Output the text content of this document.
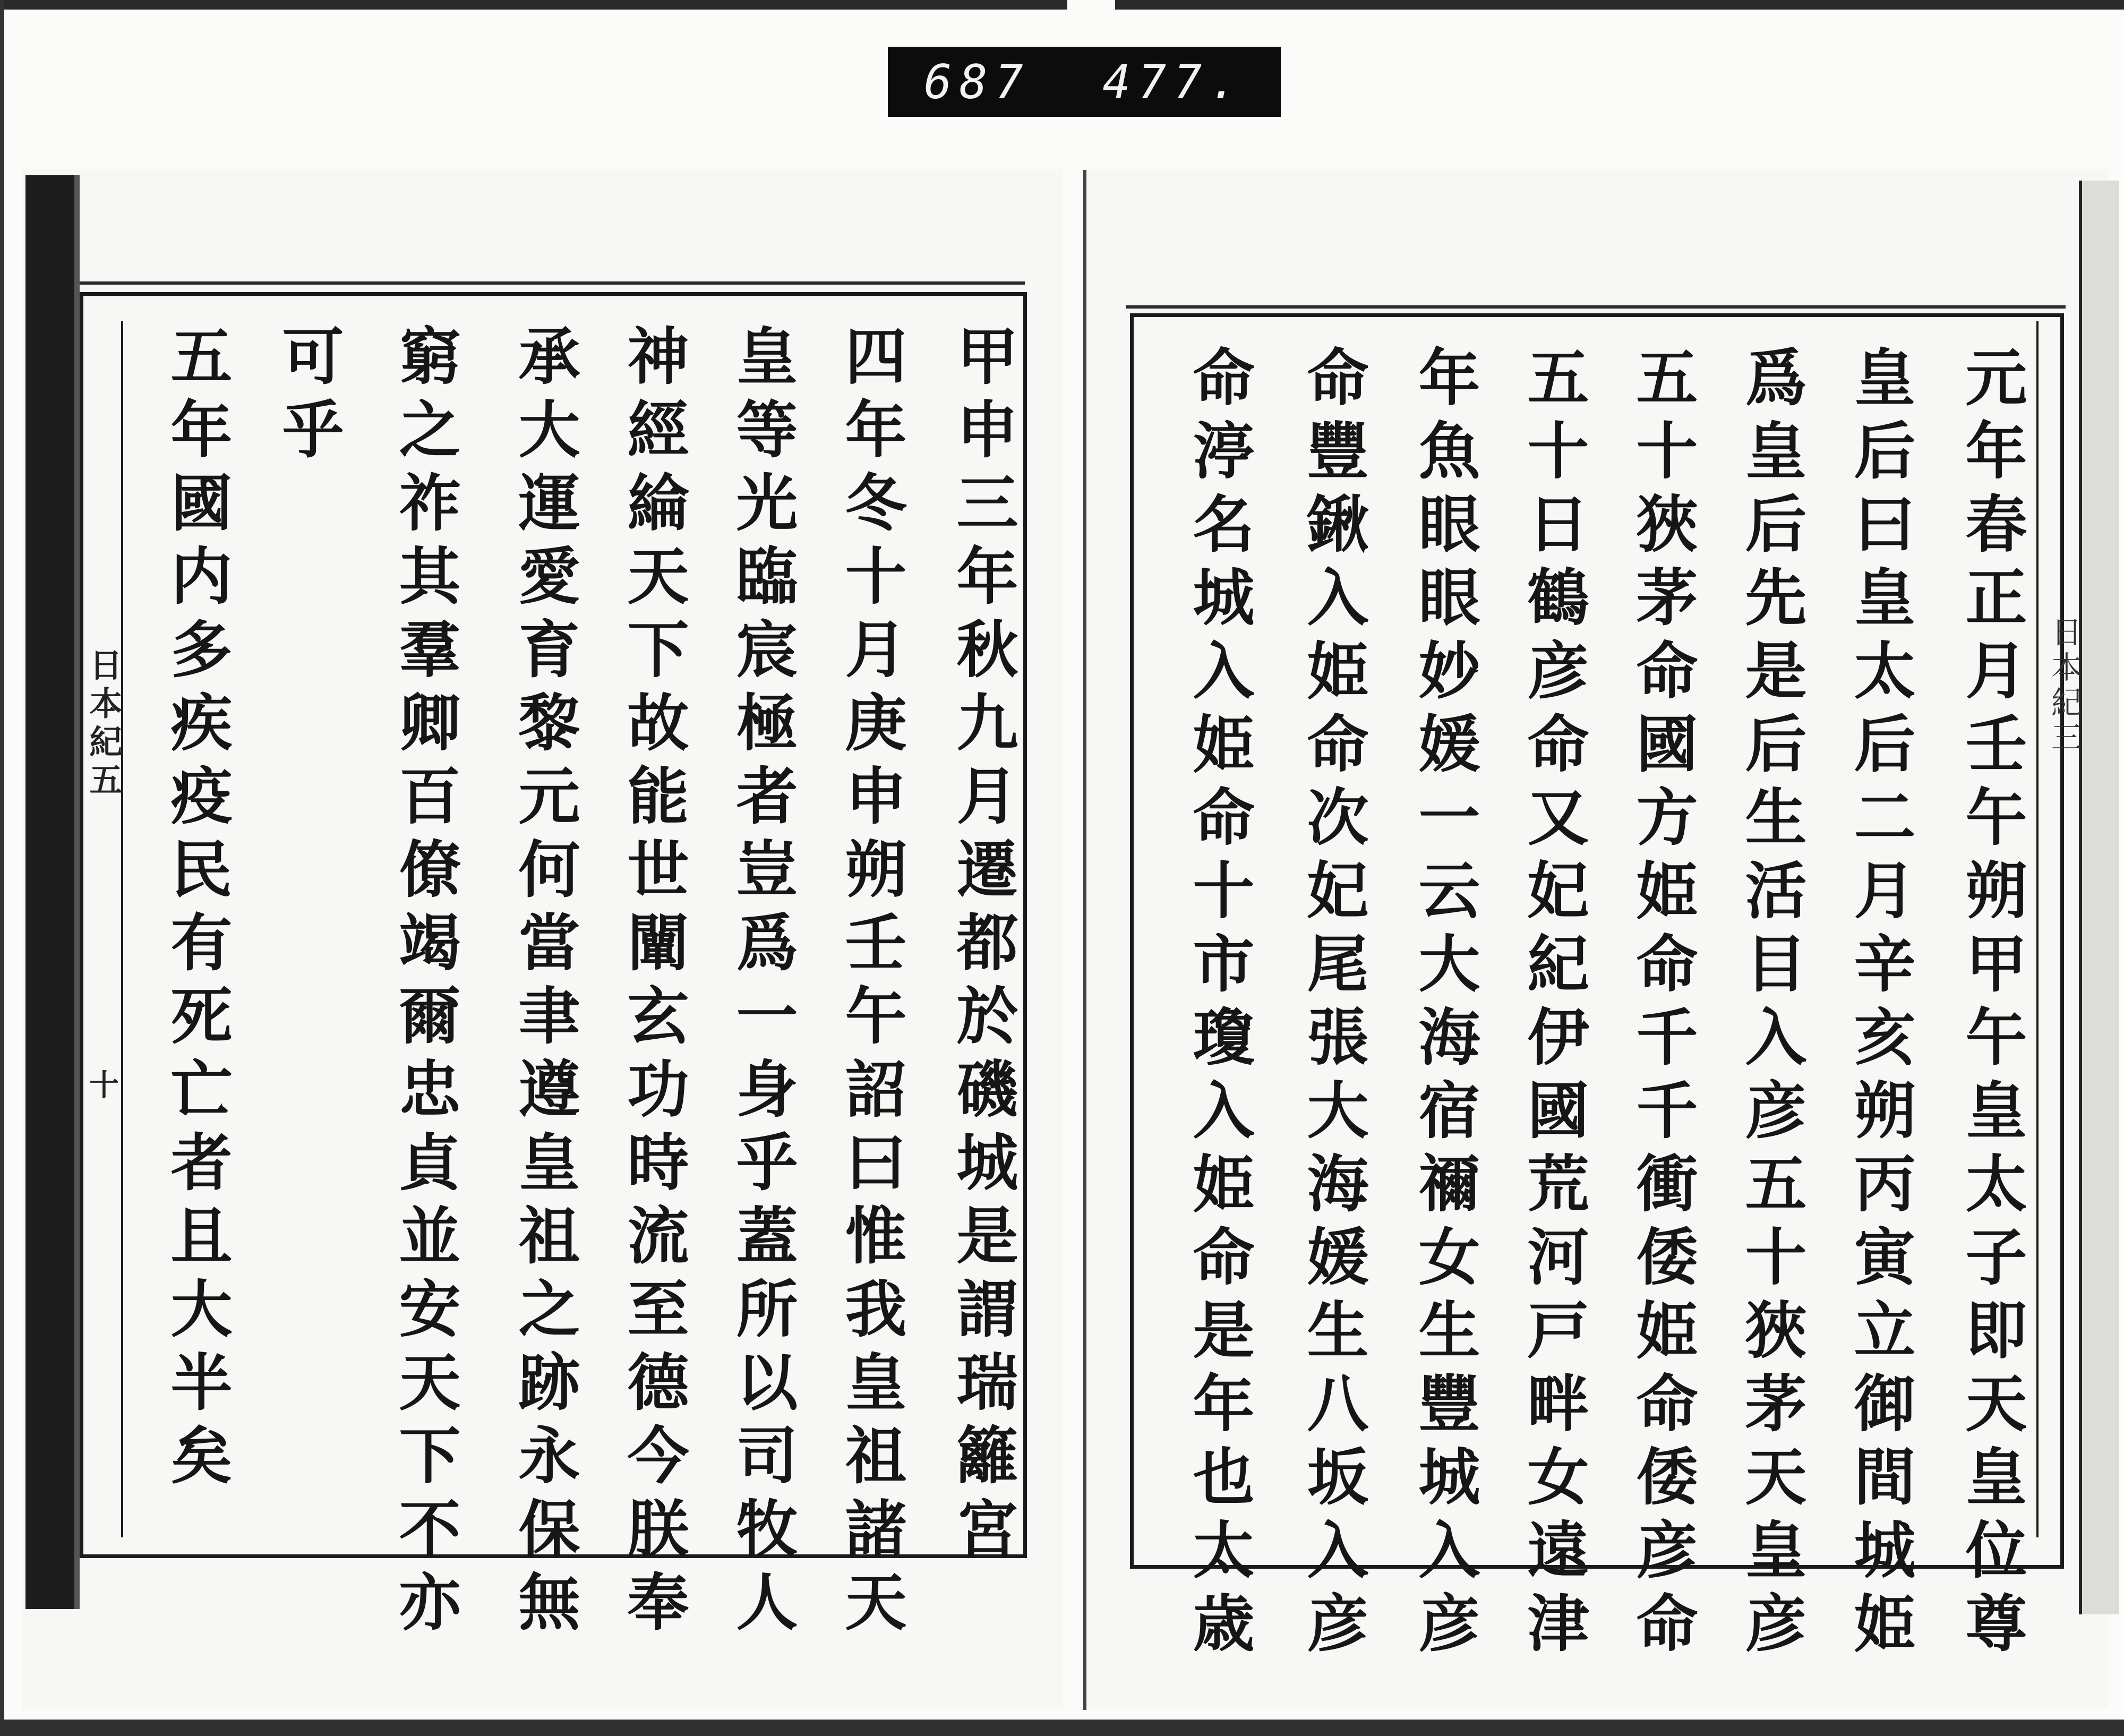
687 477.
日本紀五
十
日本紀三
甲申三年秋九月遷都於磯城是謂瑞籬宮
四年冬十月庚申朔壬午詔曰惟我皇祖諸天
皇等光臨宸極者豈爲一身乎蓋所以司牧人
神經綸天下故能世闡玄功時流至德今朕奉
承大運愛育黎元何當聿遵皇祖之跡永保無
窮之祚其羣卿百僚竭爾忠貞並安天下不亦
可乎
五年國内多疾疫民有死亡者且大半矣	元年春正月壬午朔甲午皇太子即天皇位尊
皇后曰皇太后二月辛亥朔丙寅立御間城姫
爲皇后先是后生活目入彦五十狹茅天皇彦
五十狹茅命國方姫命千千衝倭姫命倭彦命
五十日鶴彦命又妃紀伊國荒河戸畔女遠津
年魚眼眼妙媛一云大海宿禰女生豐城入彦
命豐鍬入姫命次妃尾張大海媛生八坂入彦
命渟名城入姫命十市瓊入姫命是年也太歳
